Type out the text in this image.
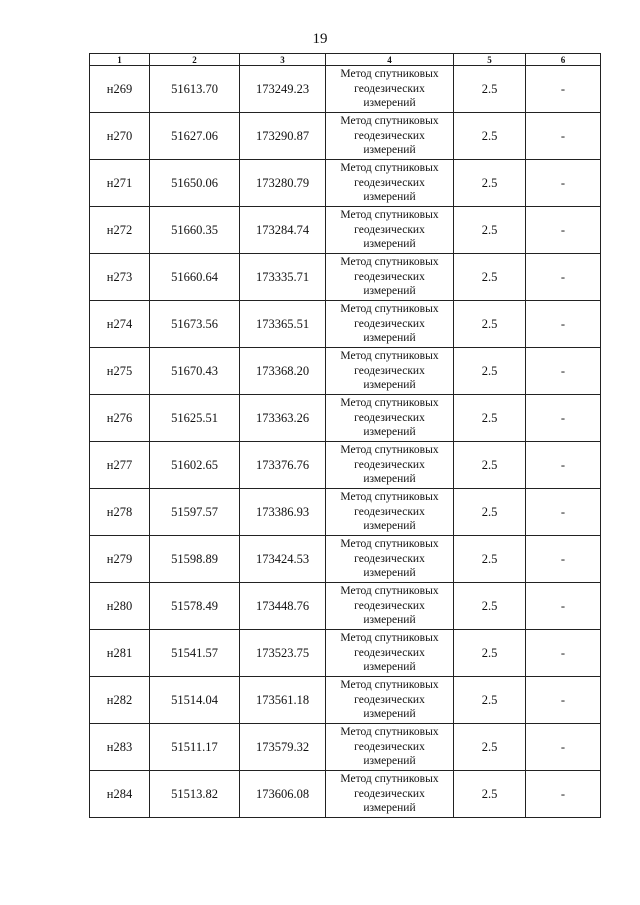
19
1	2	3	4	5	6
н269	51613.70	173249.23	Метод спутниковых
геодезических
измерений	2.5	-
н270	51627.06	173290.87	Метод спутниковых
геодезических
измерений	2.5	-
н271	51650.06	173280.79	Метод спутниковых
геодезических
измерений	2.5	-
н272	51660.35	173284.74	Метод спутниковых
геодезических
измерений	2.5	-
н273	51660.64	173335.71	Метод спутниковых
геодезических
измерений	2.5	-
н274	51673.56	173365.51	Метод спутниковых
геодезических
измерений	2.5	-
н275	51670.43	173368.20	Метод спутниковых
геодезических
измерений	2.5	-
н276	51625.51	173363.26	Метод спутниковых
геодезических
измерений	2.5	-
н277	51602.65	173376.76	Метод спутниковых
геодезических
измерений	2.5	-
н278	51597.57	173386.93	Метод спутниковых
геодезических
измерений	2.5	-
н279	51598.89	173424.53	Метод спутниковых
геодезических
измерений	2.5	-
н280	51578.49	173448.76	Метод спутниковых
геодезических
измерений	2.5	-
н281	51541.57	173523.75	Метод спутниковых
геодезических
измерений	2.5	-
н282	51514.04	173561.18	Метод спутниковых
геодезических
измерений	2.5	-
н283	51511.17	173579.32	Метод спутниковых
геодезических
измерений	2.5	-
н284	51513.82	173606.08	Метод спутниковых
геодезических
измерений	2.5	-
